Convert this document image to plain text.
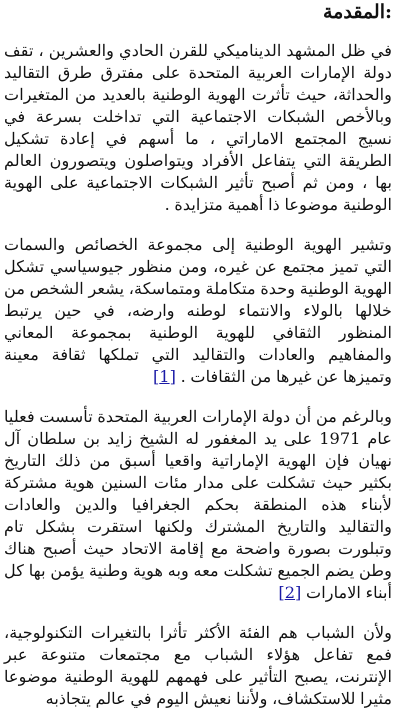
:المقدمة

في ظل المشهد الديناميكي للقرن الحادي والعشرين ، تقف دولة الإمارات العربية المتحدة على مفترق طرق التقاليد والحداثة، حيث تأثرت الهوية الوطنية بالعديد من المتغيرات وبالأخص الشبكات الاجتماعية التي تداخلت بسرعة في نسيج المجتمع الاماراتي ، ما أسهم في إعادة تشكيل الطريقة التي يتفاعل الأفراد ويتواصلون ويتصورون العالم بها ، ومن ثم أصبح تأثير الشبكات الاجتماعية على الهوية الوطنية موضوعا ذا أهمية متزايدة .

وتشير الهوية الوطنية إلى مجموعة الخصائص والسمات التي تميز مجتمع عن غيره، ومن منظور جيوسياسي تشكل الهوية الوطنية وحدة متكاملة ومتماسكة، يشعر الشخص من خلالها بالولاء والانتماء لوطنه وارضه، في حين يرتبط المنظور الثقافي للهوية الوطنية بمجموعة المعاني والمفاهيم والعادات والتقاليد التي تملكها ثقافة معينة وتميزها عن غيرها من الثقافات . [1]

وبالرغم من أن دولة الإمارات العربية المتحدة تأسست فعليا عام 1971 على يد المغفور له الشيخ زايد بن سلطان آل نهيان فإن الهوية الإماراتية واقعيا أسبق من ذلك التاريخ بكثير حيث تشكلت على مدار مئات السنين هوية مشتركة لأبناء هذه المنطقة بحكم الجغرافيا والدين والعادات والتقاليد والتاريخ المشترك ولكنها استقرت بشكل تام وتبلورت بصورة واضحة مع إقامة الاتحاد حيث أصبح هناك وطن يضم الجميع تشكلت معه وبه هوية وطنية يؤمن بها كل أبناء الامارات [2]

ولأن الشباب هم الفئة الأكثر تأثرا بالتغيرات التكنولوجية، فمع تفاعل هؤلاء الشباب مع مجتمعات متنوعة عبر الإنترنت، يصبح التأثير على فهمهم للهوية الوطنية موضوعا مثيرا للاستكشاف، ولأننا نعيش اليوم في عالم يتجاذبه
